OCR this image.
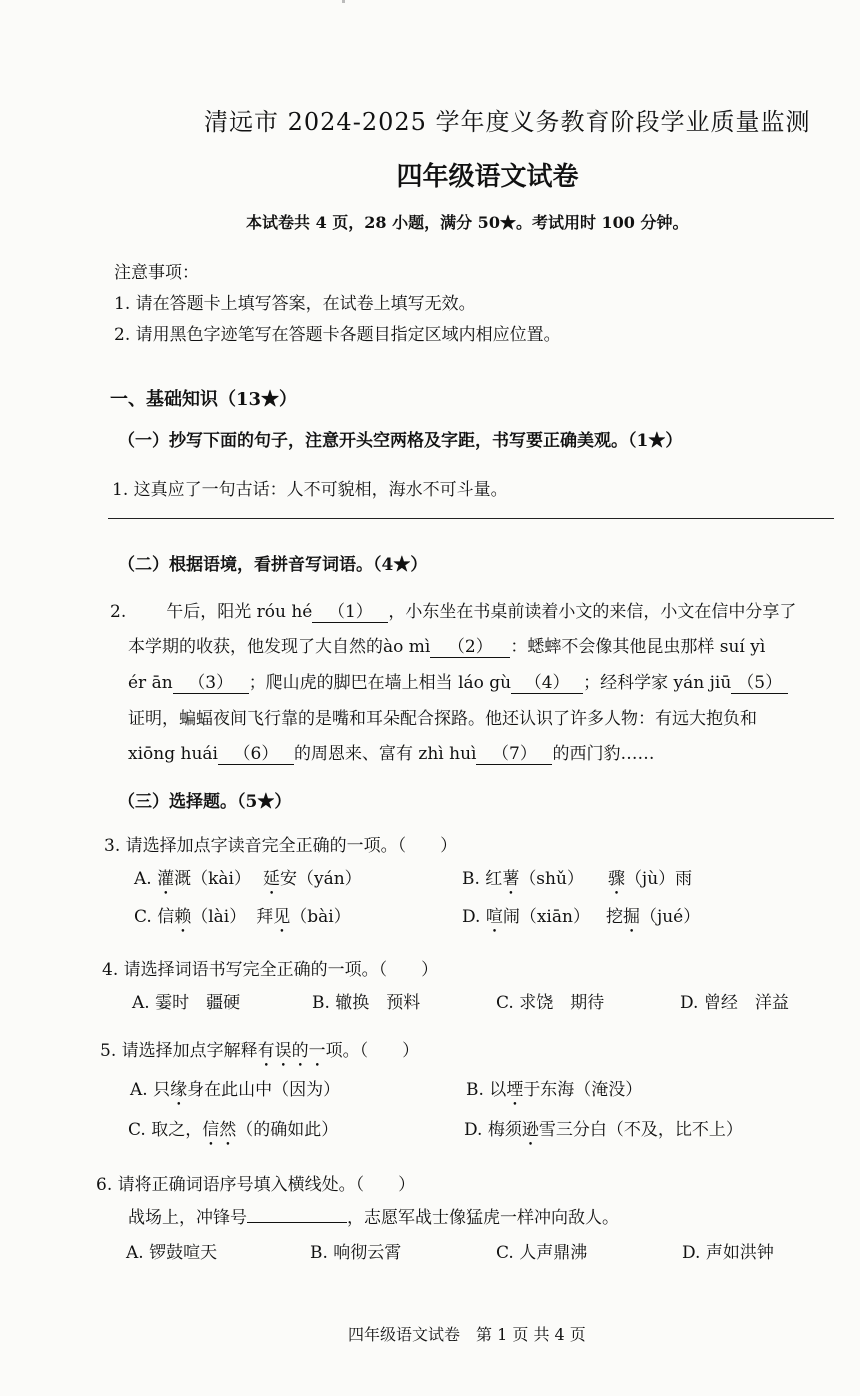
清远市 2024-2025 学年度义务教育阶段学业质量监测
四年级语文试卷
本试卷共 4 页，28 小题，满分 50★。考试用时 100 分钟。
注意事项：
1. 请在答题卡上填写答案，在试卷上填写无效。
2. 请用黑色字迹笔写在答题卡各题目指定区域内相应位置。
一、基础知识（13★）
（一）抄写下面的句子，注意开头空两格及字距，书写要正确美观。（1★）
1. 这真应了一句古话：人不可貌相，海水不可斗量。
（二）根据语境，看拼音写词语。（4★）
2. 午后，阳光 róu hé （1） ，小东坐在书桌前读着小文的来信，小文在信中分享了
本学期的收获，他发现了大自然的ào mì （2） ：蟋蟀不会像其他昆虫那样 suí yì
ér ān （3） ；爬山虎的脚巴在墙上相当 láo gù （4） ；经科学家 yán jiū （5）
证明，蝙蝠夜间飞行靠的是嘴和耳朵配合探路。他还认识了许多人物：有远大抱负和
xiōng huái （6） 的周恩来、富有 zhì huì （7） 的西门豹……
（三）选择题。（5★）
3. 请选择加点字读音完全正确的一项。（　　）
A. 灌溉（kài） 延安（yán）	B. 红薯（shǔ） 骤（jù）雨
C. 信赖（lài） 拜见（bài）	D. 喧闹（xiān） 挖掘（jué）
4. 请选择词语书写完全正确的一项。（　　）
A. 霎时　疆硬	B. 辙换　预料	C. 求饶　期待	D. 曾经　洋益
5. 请选择加点字解释有误的一项。（　　）
A. 只缘身在此山中（因为）	B. 以堙于东海（淹没）
C. 取之，信然（的确如此）	D. 梅须逊雪三分白（不及，比不上）
6. 请将正确词语序号填入横线处。（　　）
战场上，冲锋号	，志愿军战士像猛虎一样冲向敌人。
A. 锣鼓喧天	B. 响彻云霄	C. 人声鼎沸	D. 声如洪钟
四年级语文试卷　第 1 页 共 4 页
